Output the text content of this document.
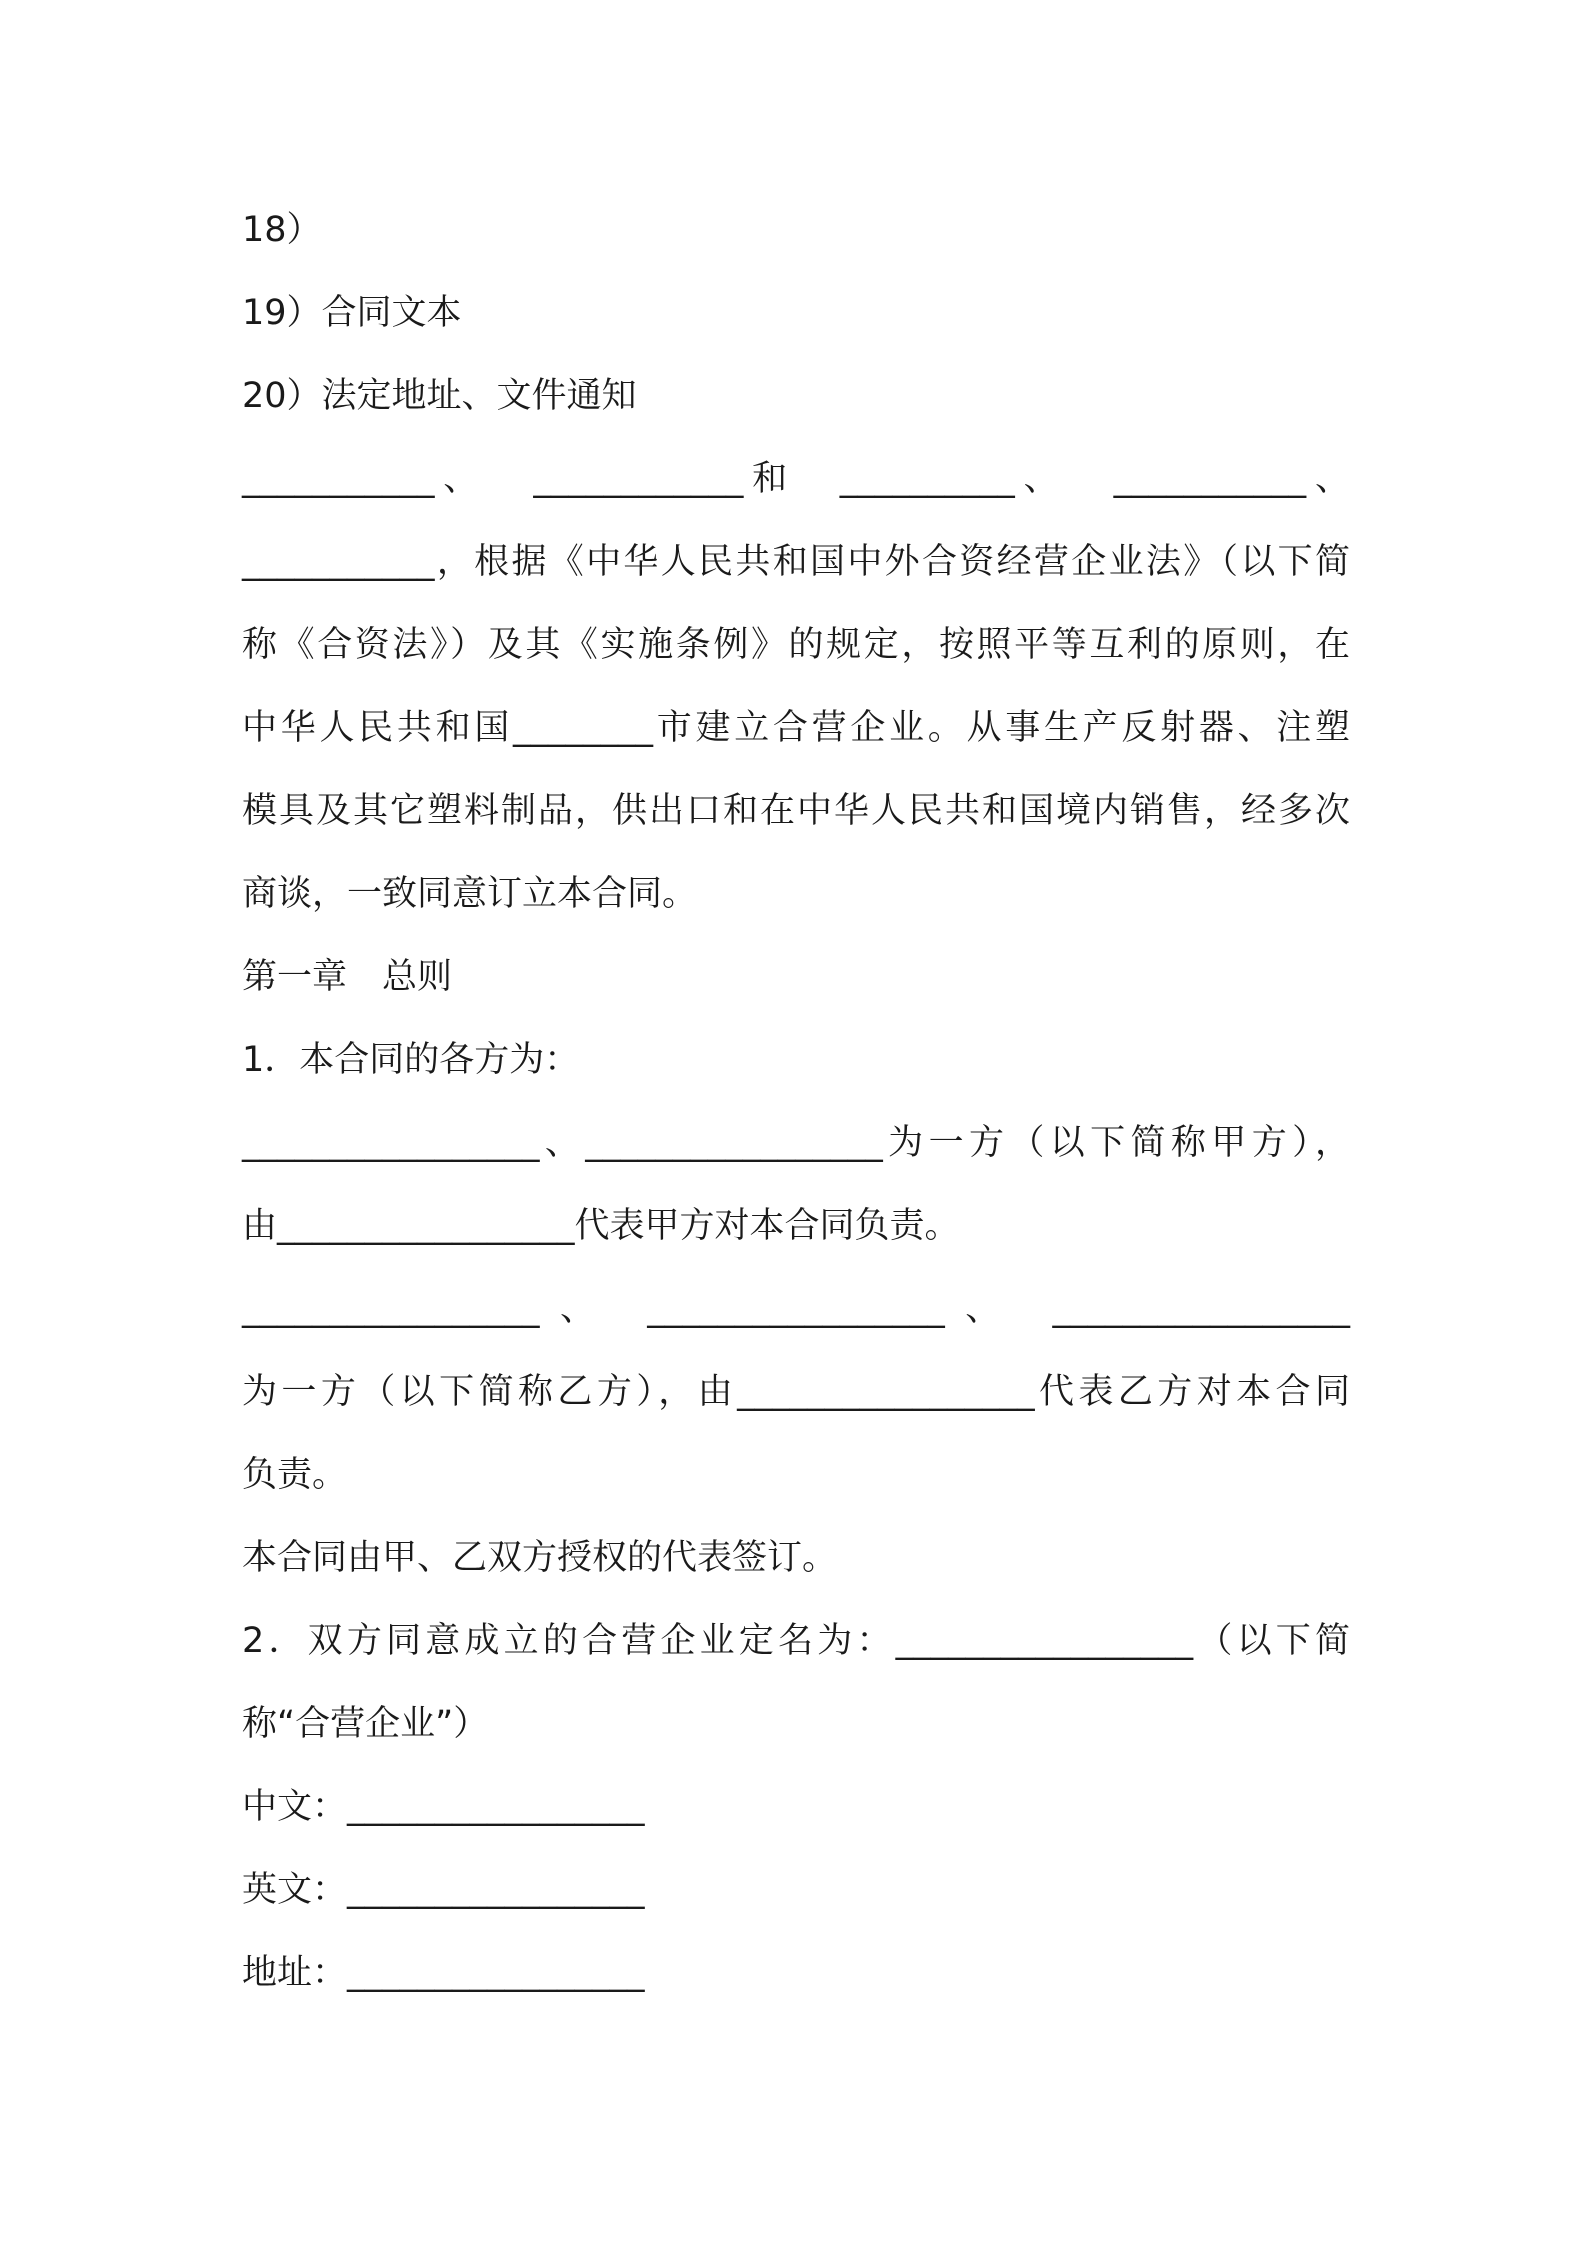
18）
19）合同文本
20）法定地址、文件通知
___________、　 ____________和　__________、　 ___________、
___________，根据《中华人民共和国中外合资经营企业法》（以下简
称《合资法》）及其《实施条例》的规定，按照平等互利的原则，在
中华人民共和国________市建立合营企业。从事生产反射器、注塑
模具及其它塑料制品，供出口和在中华人民共和国境内销售，经多次
商谈，一致同意订立本合同。
第一章　总则
1．本合同的各方为：
_________________、_________________为一方（以下简称甲方），
由_________________代表甲方对本合同负责。
_________________、 _________________、 _________________
为一方（以下简称乙方），由_________________代表乙方对本合同
负责。
本合同由甲、乙双方授权的代表签订。
2．双方同意成立的合营企业定名为：_________________（以下简
称“合营企业”）
中文：_________________
英文：_________________
地址：_________________
